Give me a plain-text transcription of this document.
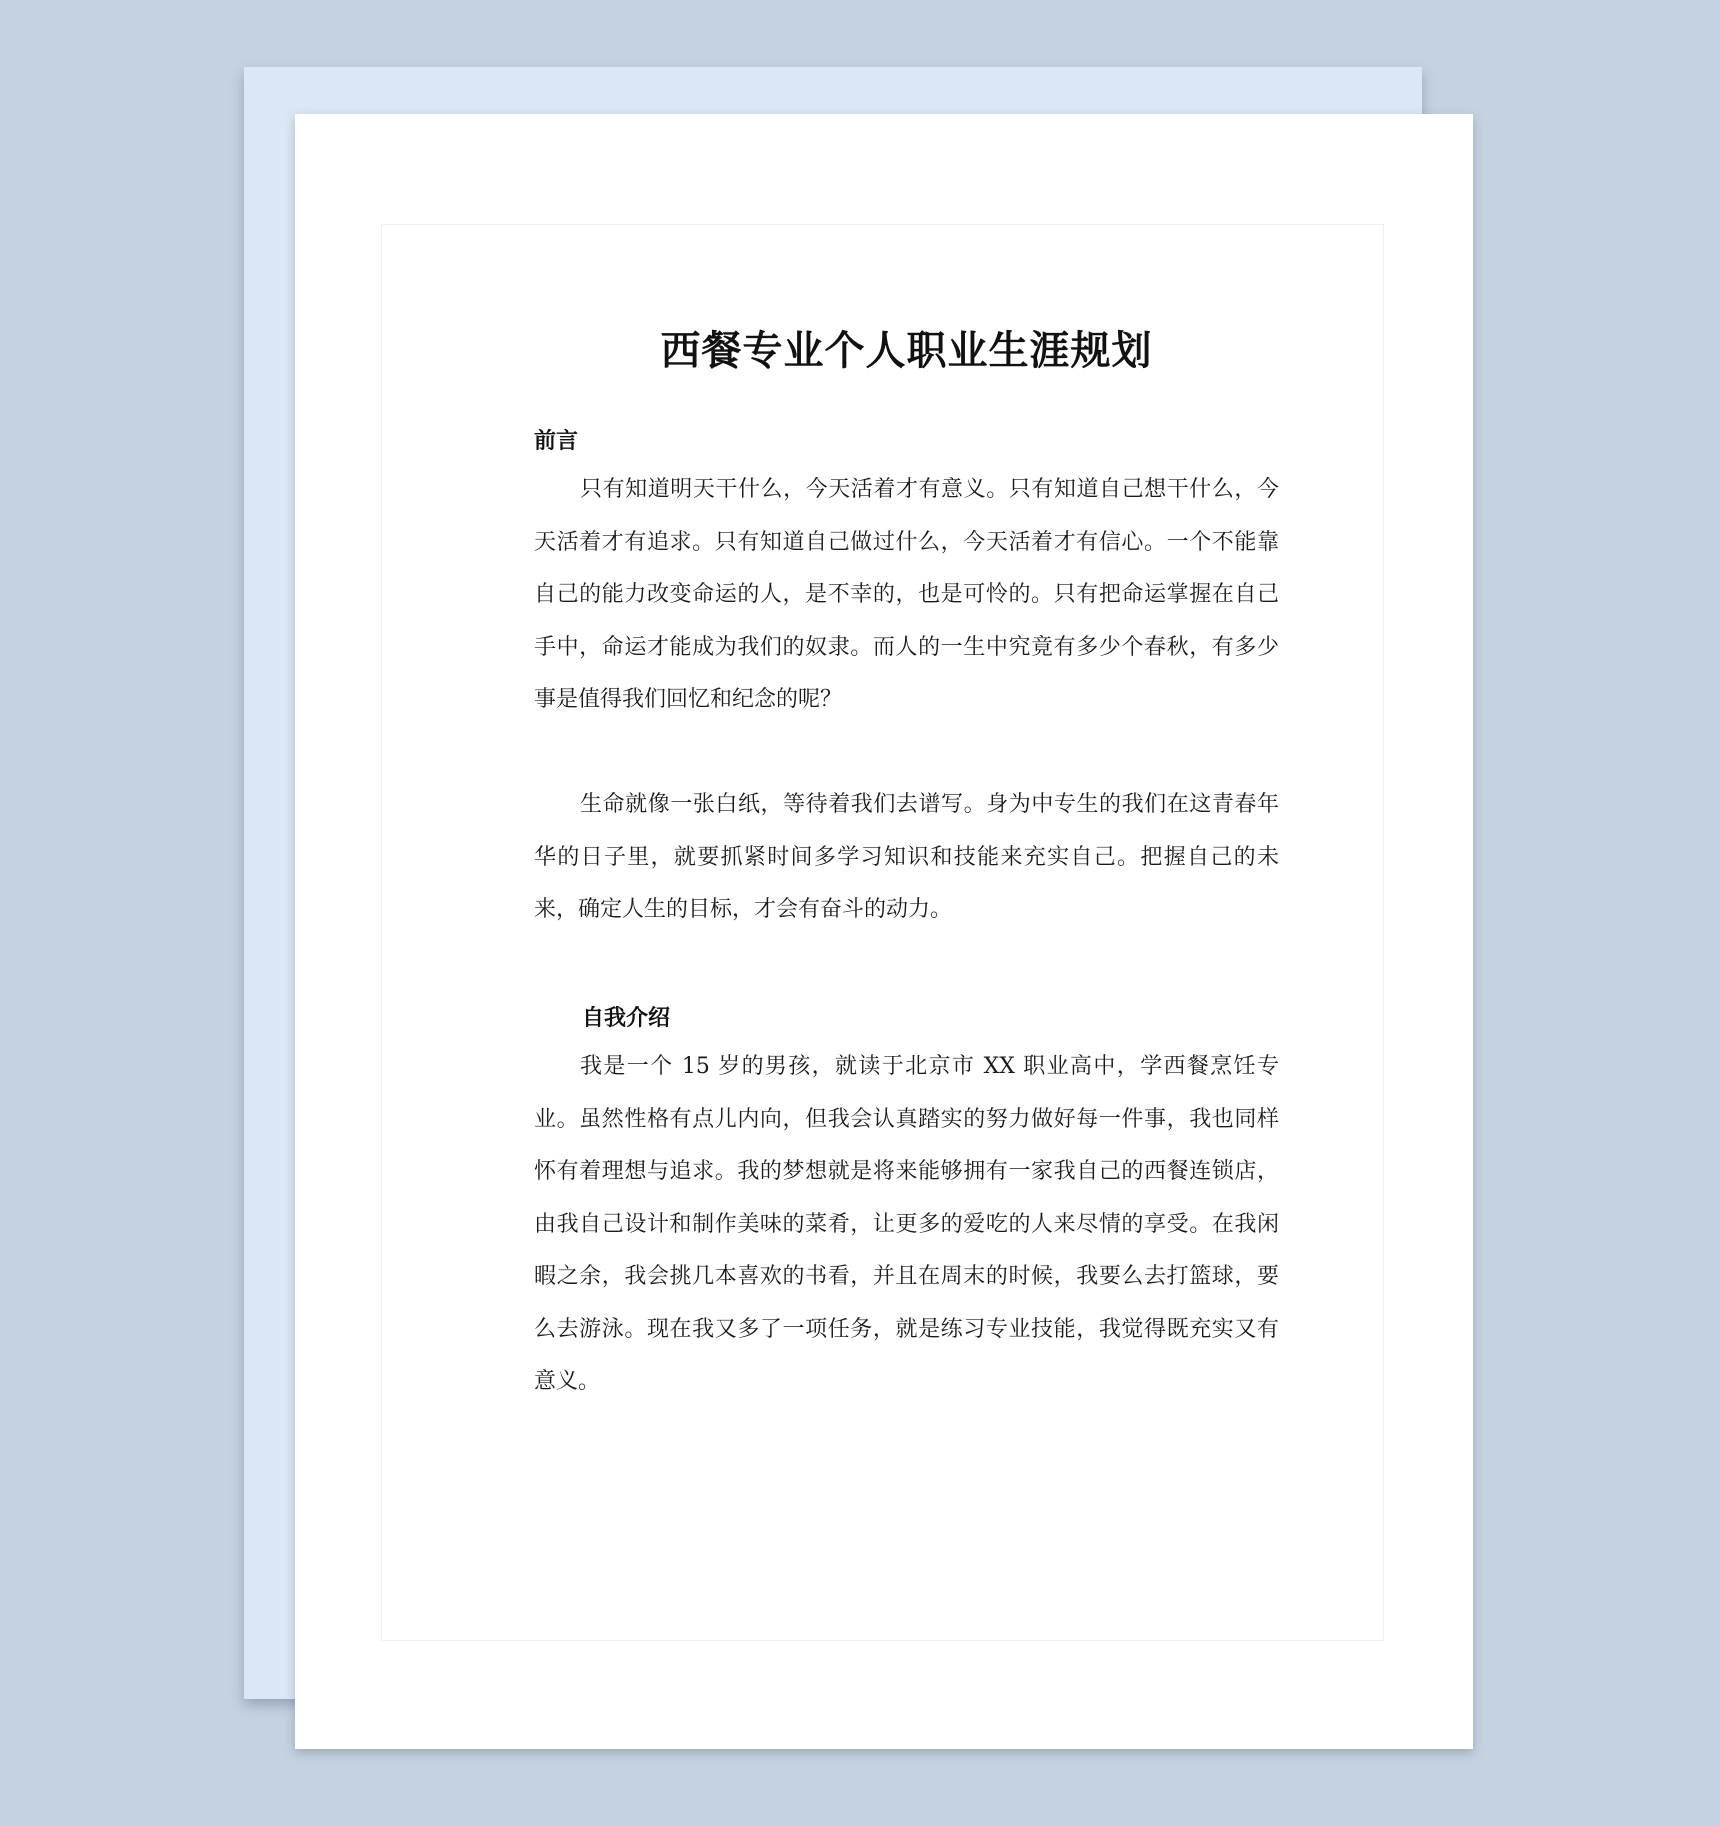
西餐专业个人职业生涯规划
前言

只有知道明天干什么，今天活着才有意义。只有知道自己想干什么，今天活着才有追求。只有知道自己做过什么，今天活着才有信心。一个不能靠自己的能力改变命运的人，是不幸的，也是可怜的。只有把命运掌握在自己手中，命运才能成为我们的奴隶。而人的一生中究竟有多少个春秋，有多少事是值得我们回忆和纪念的呢？

生命就像一张白纸，等待着我们去谱写。身为中专生的我们在这青春年华的日子里，就要抓紧时间多学习知识和技能来充实自己。把握自己的未来，确定人生的目标，才会有奋斗的动力。

自我介绍

我是一个 15 岁的男孩，就读于北京市 XX 职业高中，学西餐烹饪专业。虽然性格有点儿内向，但我会认真踏实的努力做好每一件事，我也同样怀有着理想与追求。我的梦想就是将来能够拥有一家我自己的西餐连锁店，由我自己设计和制作美味的菜肴，让更多的爱吃的人来尽情的享受。在我闲暇之余，我会挑几本喜欢的书看，并且在周末的时候，我要么去打篮球，要么去游泳。现在我又多了一项任务，就是练习专业技能，我觉得既充实又有意义。
